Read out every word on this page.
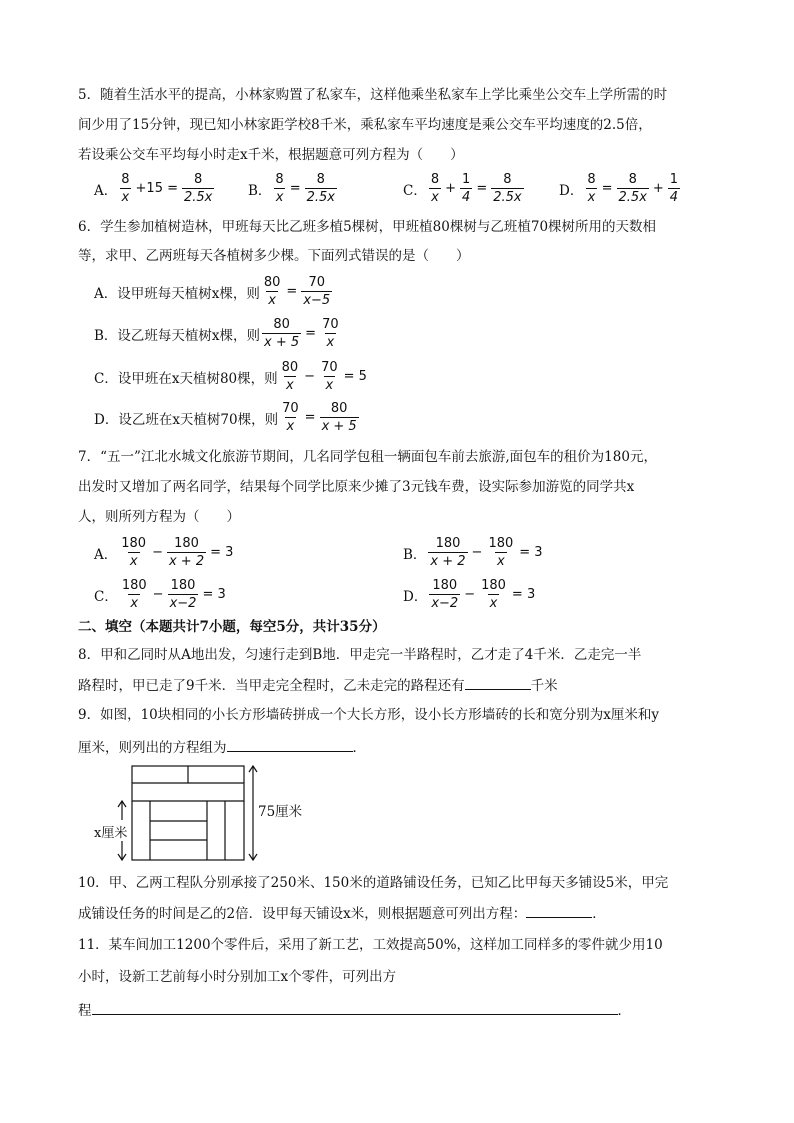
5．随着生活水平的提高，小林家购置了私家车，这样他乘坐私家车上学比乘坐公交车上学所需的时
间少用了15分钟，现已知小林家距学校8千米，乘私家车平均速度是乘公交车平均速度的2.5倍，
若设乘公交车平均每小时走x千米，根据题意可列方程为（　　）
A． $\frac{8}{x} +15 = \frac{8}{2.5x}$ B． $\frac{8}{x} = \frac{8}{2.5x}$	C． $\frac{8}{x} + \frac{1}{4} = \frac{8}{2.5x}$	D． $\frac{8}{x} = \frac{8}{2.5x} + \frac{1}{4}$
6．学生参加植树造林，甲班每天比乙班多植5棵树，甲班植80棵树与乙班植70棵树所用的天数相
等，求甲、乙两班每天各植树多少棵。下面列式错误的是（　　）
A．设甲班每天植树x棵，则 $\frac{80}{x} = \frac{70}{x-5}$
B．设乙班每天植树x棵，则 $\frac{80}{x + 5} = \frac{70}{x}$
C．设甲班在x天植树80棵，则 $\frac{80}{x} - \frac{70}{x} = 5$
D．设乙班在x天植树70棵，则 $\frac{70}{x} = \frac{80}{x + 5}$
7．“五一”江北水城文化旅游节期间，几名同学包租一辆面包车前去旅游,面包车的租价为180元，
出发时又增加了两名同学，结果每个同学比原来少摊了3元钱车费，设实际参加游览的同学共x
人，则所列方程为（　　）
A． $\frac{180}{x} - \frac{180}{x + 2} = 3$	B． $\frac{180}{x + 2} - \frac{180}{x} = 3$
C． $\frac{180}{x} - \frac{180}{x-2} = 3$	D． $\frac{180}{x-2} - \frac{180}{x} = 3$
二、填空（本题共计7小题，每空5分，共计35分）
8．甲和乙同时从A地出发，匀速行走到B地．甲走完一半路程时，乙才走了4千米．乙走完一半
路程时，甲已走了9千米．当甲走完全程时，乙未走完的路程还有	千米
9．如图，10块相同的小长方形墙砖拼成一个大长方形，设小长方形墙砖的长和宽分别为x厘米和y
厘米，则列出的方程组为	．
75厘米
x厘米
10．甲、乙两工程队分别承接了250米、150米的道路铺设任务，已知乙比甲每天多铺设5米，甲完
成铺设任务的时间是乙的2倍．设甲每天铺设x米，则根据题意可列出方程：	．
11．某车间加工1200个零件后，采用了新工艺，工效提高50%，这样加工同样多的零件就少用10
小时，设新工艺前每小时分别加工x个零件，可列出方
程	．
